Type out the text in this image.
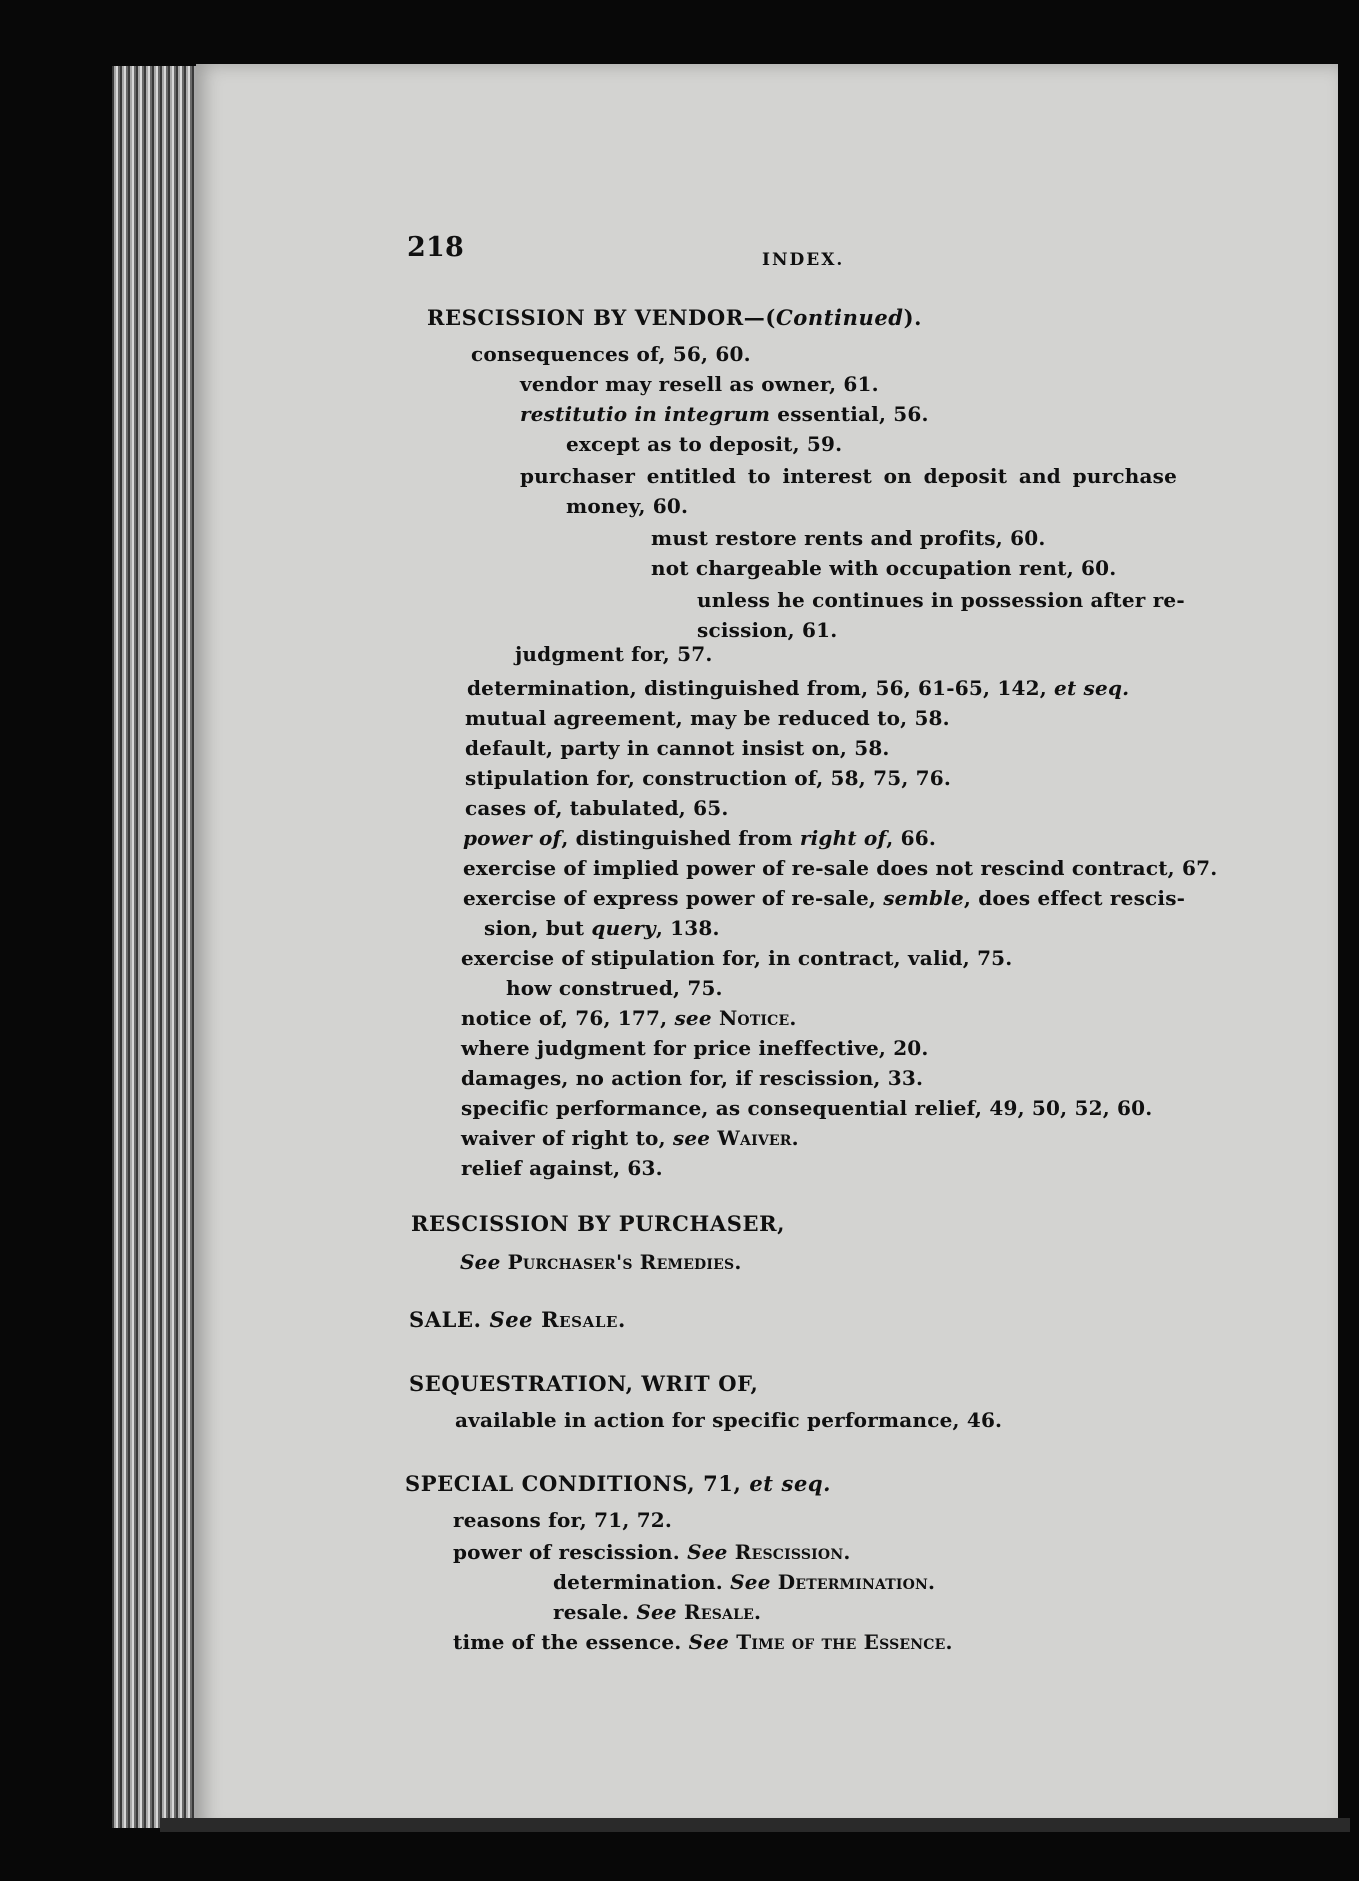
218	INDEX.
RESCISSION BY VENDOR—(Continued).
consequences of, 56, 60.
vendor may resell as owner, 61.
restitutio in integrum essential, 56.
except as to deposit, 59.
purchaser entitled to interest on deposit and purchase
money, 60.
must restore rents and profits, 60.
not chargeable with occupation rent, 60.
unless he continues in possession after re-
scission, 61.
judgment for, 57.
determination, distinguished from, 56, 61-65, 142, et seq.
mutual agreement, may be reduced to, 58.
default, party in cannot insist on, 58.
stipulation for, construction of, 58, 75, 76.
cases of, tabulated, 65.
power of, distinguished from right of, 66.
exercise of implied power of re-sale does not rescind contract, 67.
exercise of express power of re-sale, semble, does effect rescis-
sion, but query, 138.
exercise of stipulation for, in contract, valid, 75.
how construed, 75.
notice of, 76, 177, see Notice.
where judgment for price ineffective, 20.
damages, no action for, if rescission, 33.
specific performance, as consequential relief, 49, 50, 52, 60.
waiver of right to, see Waiver.
relief against, 63.
RESCISSION BY PURCHASER,
See Purchaser's Remedies.
SALE. See Resale.
SEQUESTRATION, WRIT OF,
available in action for specific performance, 46.
SPECIAL CONDITIONS, 71, et seq.
reasons for, 71, 72.
power of rescission. See Rescission.
determination. See Determination.
resale. See Resale.
time of the essence. See Time of the Essence.
